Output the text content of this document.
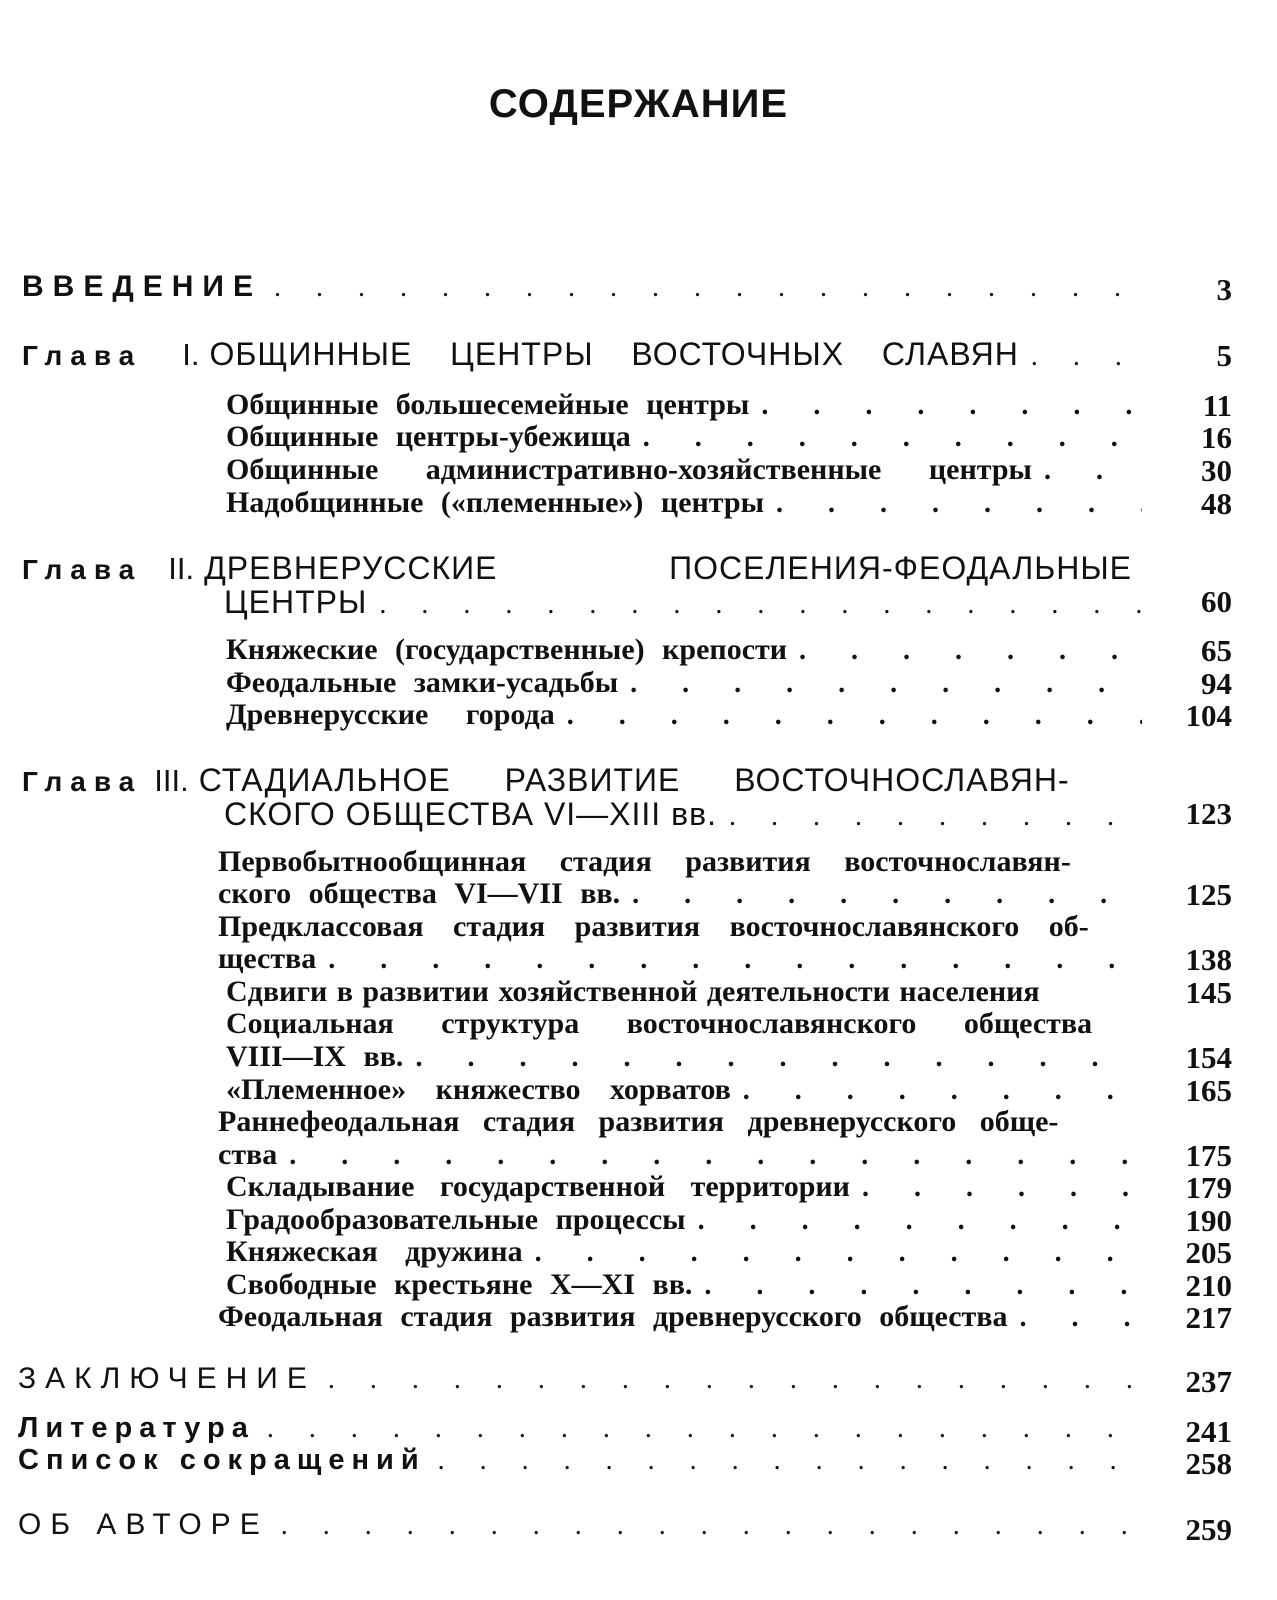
СОДЕРЖАНИЕ
ВВЕДЕНИЕ . . .	3
Глава I. ОБЩИННЫЕ ЦЕНТРЫ ВОСТОЧНЫХ СЛАВЯН . . .	5
Общинные большесемейные центры . . .	11
Общинные центры-убежища . . .	16
Общинные административно-хозяйственные центры . . .	30
Надобщинные («племенные») центры . . .	48
Глава II. ДРЕВНЕРУССКИЕ	ПОСЕЛЕНИЯ-ФЕОДАЛЬНЫЕ
ЦЕНТРЫ . . .	60
Княжеские (государственные) крепости . . .	65
Феодальные замки-усадьбы . . .	94
Древнерусские города . . .	104
Глава III. СТАДИАЛЬНОЕ РАЗВИТИЕ ВОСТОЧНОСЛАВЯН-
СКОГО ОБЩЕСТВА VI—XIII вв. . . .	123
Первобытнообщинная стадия развития восточнославян-
ского общества VI—VII вв. . . .	125
Предклассовая стадия развития восточнославянского об-
щества . . .	138
Сдвиги в развитии хозяйственной деятельности населения	145
Социальная структура восточнославянского общества
VIII—IX вв. . . .	154
«Племенное» княжество хорватов . . .	165
Раннефеодальная стадия развития древнерусского обще-
ства . . .	175
Складывание государственной территории . . .	179
Градообразовательные процессы . . .	190
Княжеская дружина . . .	205
Свободные крестьяне X—XI вв. . . .	210
Феодальная стадия развития древнерусского общества . . .	217
ЗАКЛЮЧЕНИЕ . . .	237
Литература . . .	241
Список сокращений . . .	258
ОБ АВТОРЕ . . .	259
